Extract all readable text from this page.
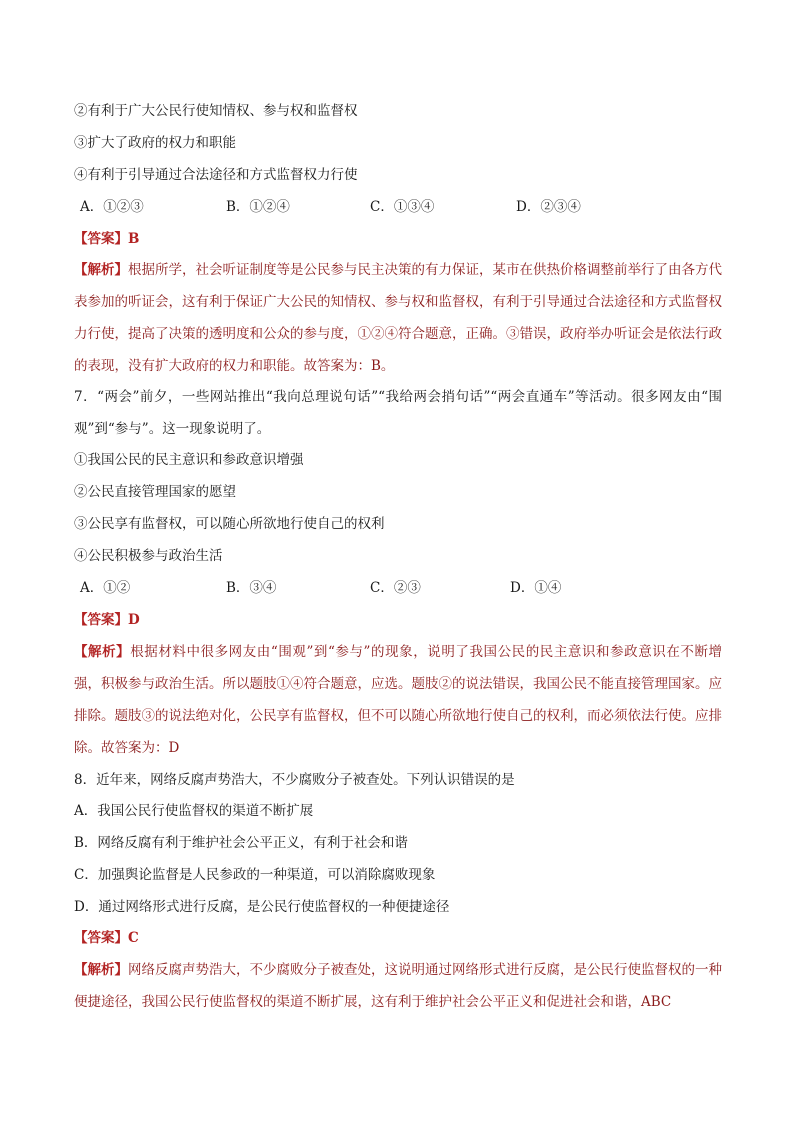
②有利于广大公民行使知情权、参与权和监督权
③扩大了政府的权力和职能
④有利于引导通过合法途径和方式监督权力行使
A．①②③	B．①②④	C．①③④	D．②③④
【答案】B
【解析】根据所学，社会听证制度等是公民参与民主决策的有力保证，某市在供热价格调整前举行了由各方代表参加的听证会，这有利于保证广大公民的知情权、参与权和监督权，有利于引导通过合法途径和方式监督权力行使，提高了决策的透明度和公众的参与度，①②④符合题意，正确。③错误，政府举办听证会是依法行政的表现，没有扩大政府的权力和职能。故答案为：B。
7．“两会”前夕，一些网站推出“我向总理说句话”“我给两会捎句话”“两会直通车”等活动。很多网友由“围观”到“参与”。这一现象说明了。
①我国公民的民主意识和参政意识增强
②公民直接管理国家的愿望
③公民享有监督权，可以随心所欲地行使自己的权利
④公民积极参与政治生活
A．①②	B．③④	C．②③	D．①④
【答案】D
【解析】根据材料中很多网友由“围观”到“参与”的现象，说明了我国公民的民主意识和参政意识在不断增强，积极参与政治生活。所以题肢①④符合题意，应选。题肢②的说法错误，我国公民不能直接管理国家。应排除。题肢③的说法绝对化，公民享有监督权，但不可以随心所欲地行使自己的权利，而必须依法行使。应排除。故答案为：D
8．近年来，网络反腐声势浩大，不少腐败分子被查处。下列认识错误的是
A．我国公民行使监督权的渠道不断扩展
B．网络反腐有利于维护社会公平正义，有利于社会和谐
C．加强舆论监督是人民参政的一种渠道，可以消除腐败现象
D．通过网络形式进行反腐，是公民行使监督权的一种便捷途径
【答案】C
【解析】网络反腐声势浩大，不少腐败分子被查处，这说明通过网络形式进行反腐，是公民行使监督权的一种便捷途径，我国公民行使监督权的渠道不断扩展，这有利于维护社会公平正义和促进社会和谐，ABC
